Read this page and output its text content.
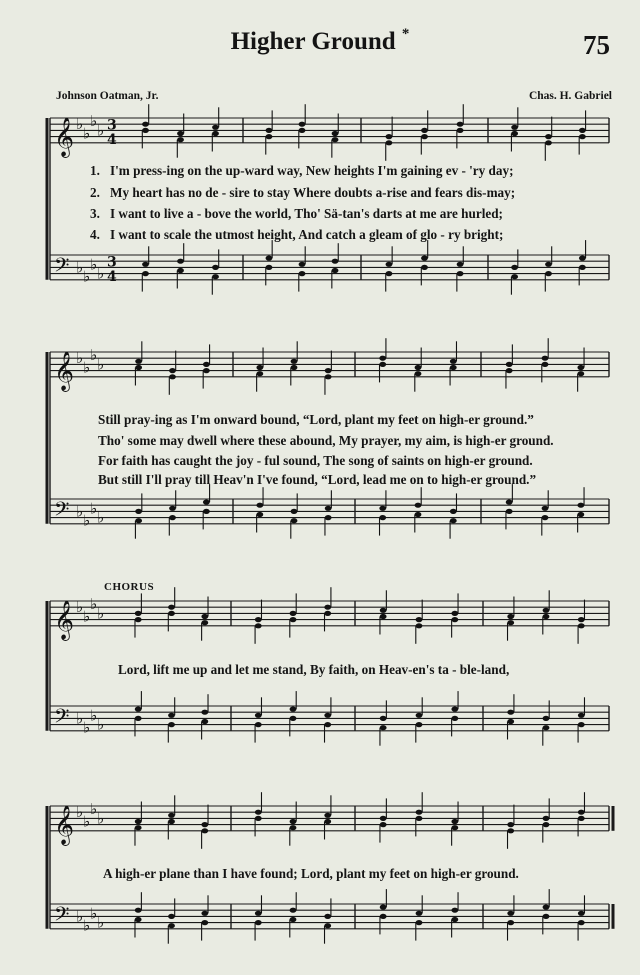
𝄞 ♭
♭
♭
♭ 3
4
𝄢 ♭
♭
♭
♭
3
4
𝄞 ♭
♭
♭
♭
𝄢 ♭
♭
♭
♭
𝄞 ♭
♭
♭
♭
𝄢 ♭
♭
♭
♭
𝄞 ♭
♭
♭
♭
𝄢 ♭
♭
♭
♭
Higher Ground *	75
Johnson Oatman, Jr.	Chas. H. Gabriel
1. I'm press-ing on the up-ward way, New heights I'm gaining ev - 'ry day;
2. My heart has no de - sire to stay Where doubts a-rise and fears dis-may;
3. I want to live a - bove the world, Tho' Sä-tan's darts at me are hurled;
4. I want to scale the utmost height, And catch a gleam of glo - ry bright;
Still pray-ing as I'm onward bound, “Lord, plant my feet on high-er ground.”
Tho' some may dwell where these abound, My prayer, my aim, is high-er ground.
For faith has caught the joy - ful sound, The song of saints on high-er ground.
But still I'll pray till Heav'n I've found, “Lord, lead me on to high-er ground.”
CHORUS
Lord, lift me up and let me stand, By faith, on Heav-en's ta - ble-land,
A high-er plane than I have found; Lord, plant my feet on high-er ground.
